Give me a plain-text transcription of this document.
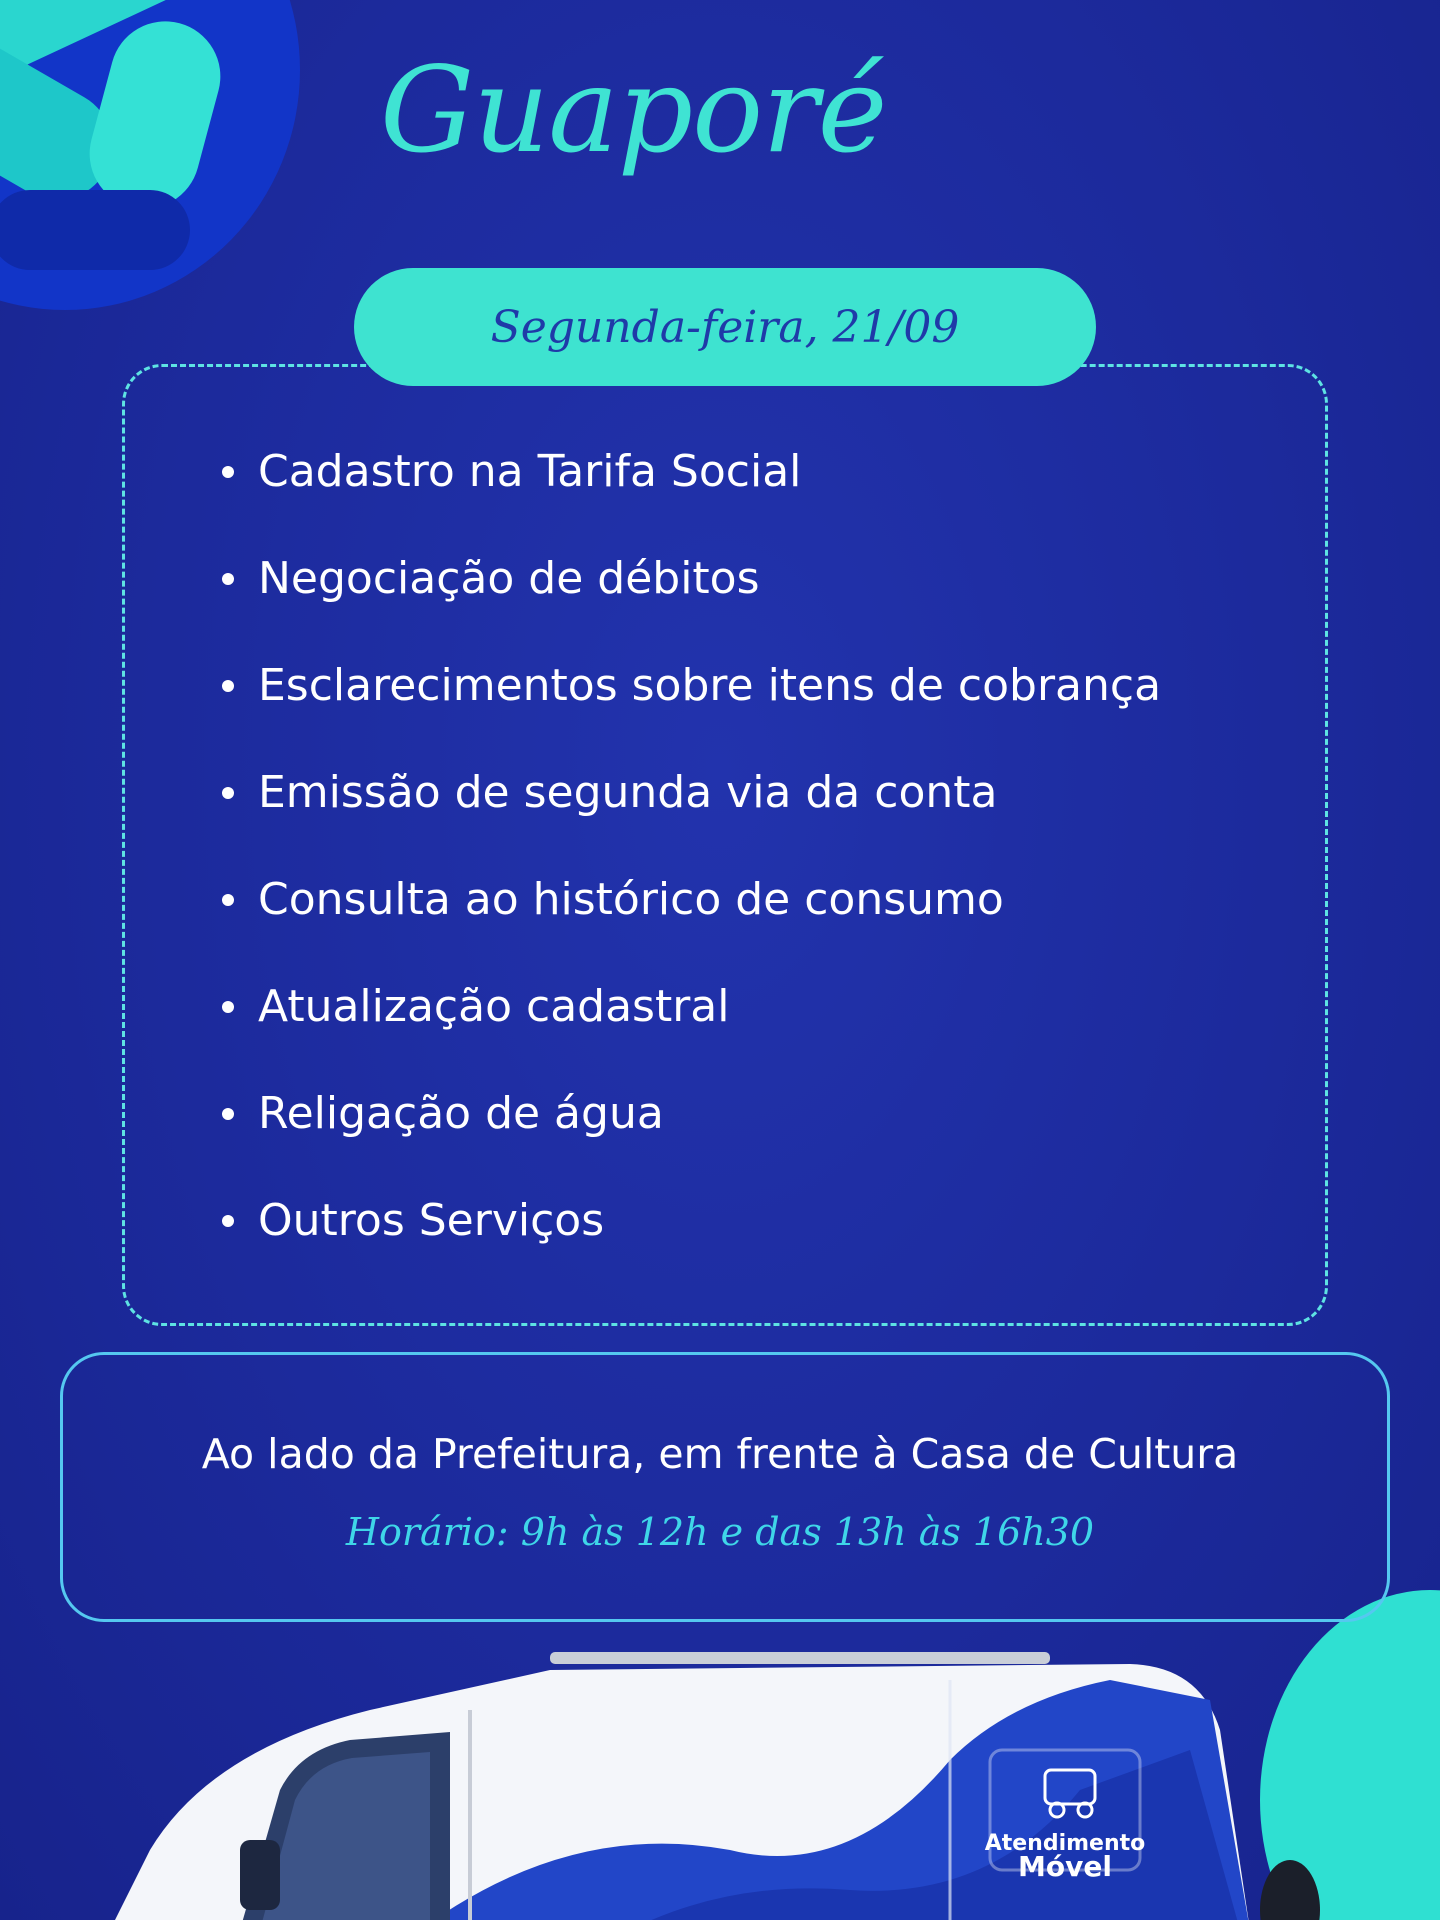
Guaporé
Segunda-feira, 21/09
Cadastro na Tarifa Social
Negociação de débitos
Esclarecimentos sobre itens de cobrança
Emissão de segunda via da conta
Consulta ao histórico de consumo
Atualização cadastral
Religação de água
Outros Serviços
Ao lado da Prefeitura, em frente à Casa de Cultura
Horário: 9h às 12h e das 13h às 16h30
Atendimento
Móvel
